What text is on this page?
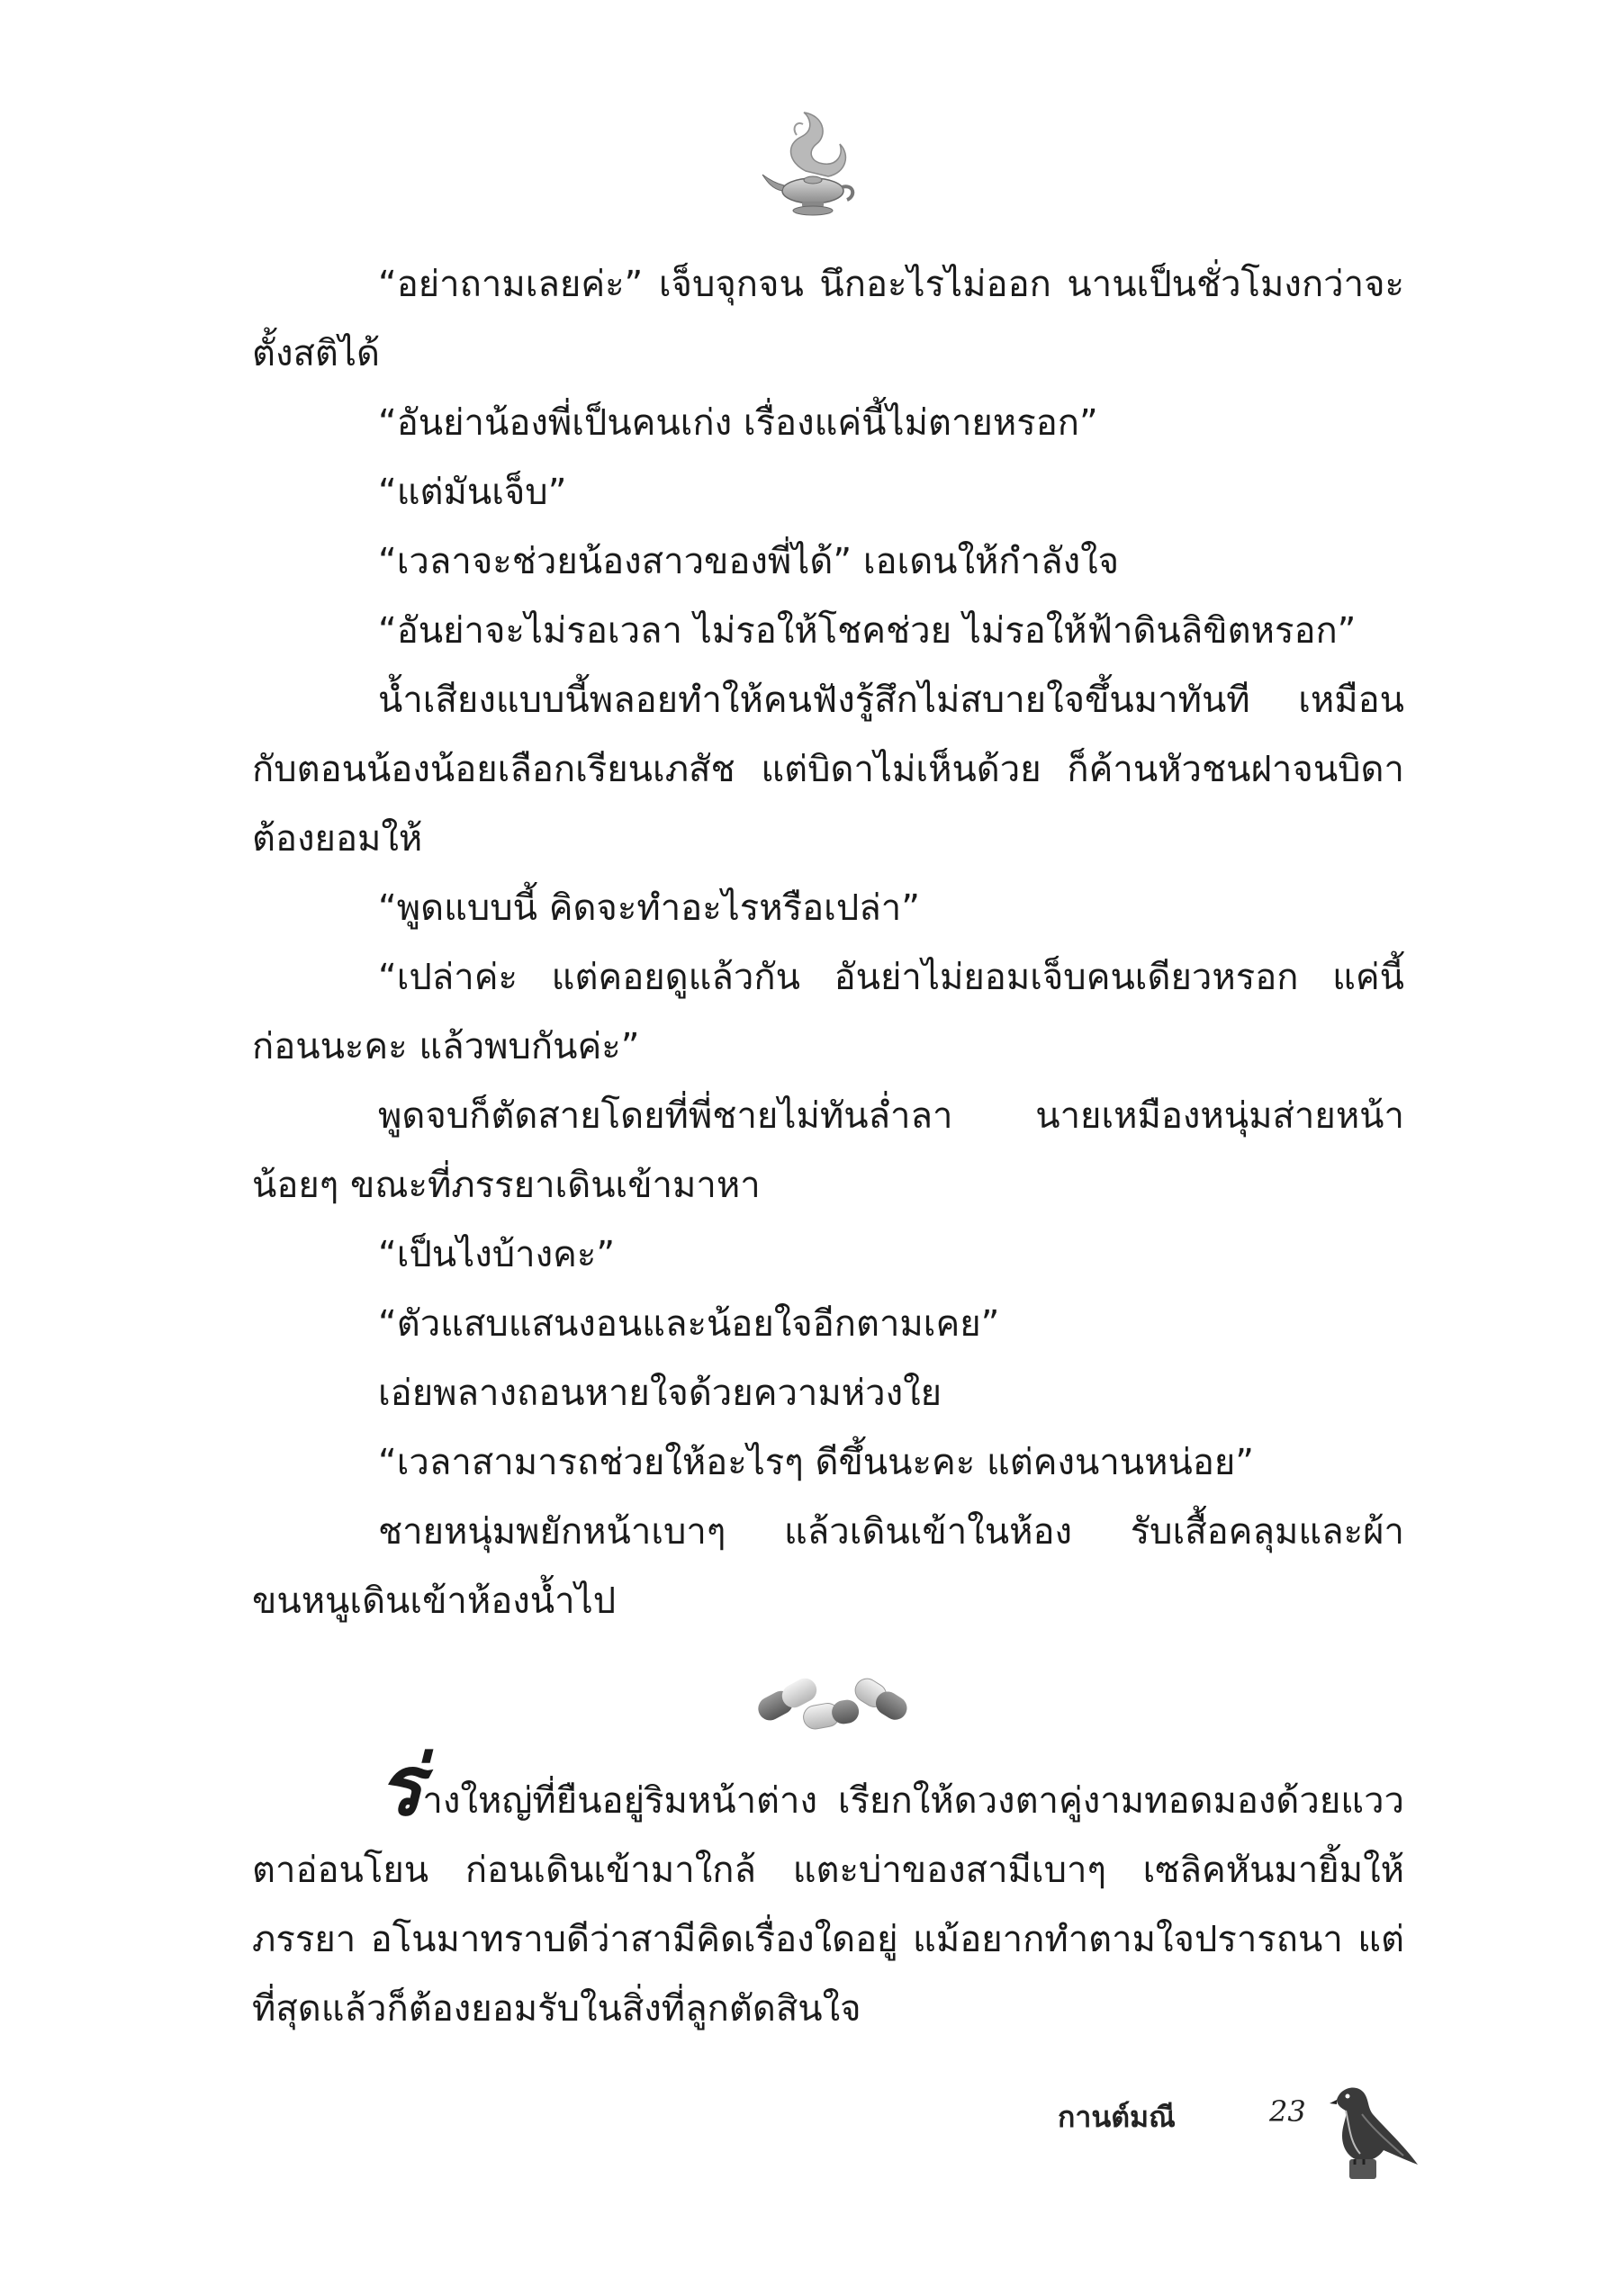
“อย่าถามเลยค่ะ” เจ็บจุกจน นึกอะไรไม่ออก นานเป็นชั่วโมงกว่าจะตั้งสติได้

“อันย่าน้องพี่เป็นคนเก่ง เรื่องแค่นี้ไม่ตายหรอก”

“แต่มันเจ็บ”

“เวลาจะช่วยน้องสาวของพี่ได้” เอเดนให้กำลังใจ

“อันย่าจะไม่รอเวลา ไม่รอให้โชคช่วย ไม่รอให้ฟ้าดินลิขิตหรอก”

น้ำเสียงแบบนี้พลอยทำให้คนฟังรู้สึกไม่สบายใจขึ้นมาทันที เหมือนกับตอนน้องน้อยเลือกเรียนเภสัช แต่บิดาไม่เห็นด้วย ก็ค้านหัวชนฝาจนบิดาต้องยอมให้

“พูดแบบนี้ คิดจะทำอะไรหรือเปล่า”

“เปล่าค่ะ แต่คอยดูแล้วกัน อันย่าไม่ยอมเจ็บคนเดียวหรอก แค่นี้ก่อนนะคะ แล้วพบกันค่ะ”

พูดจบก็ตัดสายโดยที่พี่ชายไม่ทันล่ำลา นายเหมืองหนุ่มส่ายหน้าน้อยๆ ขณะที่ภรรยาเดินเข้ามาหา

“เป็นไงบ้างคะ”

“ตัวแสบแสนงอนและน้อยใจอีกตามเคย”

เอ่ยพลางถอนหายใจด้วยความห่วงใย

“เวลาสามารถช่วยให้อะไรๆ ดีขึ้นนะคะ แต่คงนานหน่อย”

ชายหนุ่มพยักหน้าเบาๆ แล้วเดินเข้าในห้อง รับเสื้อคลุมและผ้าขนหนูเดินเข้าห้องน้ำไป

ร่างใหญ่ที่ยืนอยู่ริมหน้าต่าง เรียกให้ดวงตาคู่งามทอดมองด้วยแววตาอ่อนโยน ก่อนเดินเข้ามาใกล้ แตะบ่าของสามีเบาๆ เซลิคหันมายิ้มให้ภรรยา อโนมาทราบดีว่าสามีคิดเรื่องใดอยู่ แม้อยากทำตามใจปรารถนา แต่ที่สุดแล้วก็ต้องยอมรับในสิ่งที่ลูกตัดสินใจ

กานต์มณี	23
